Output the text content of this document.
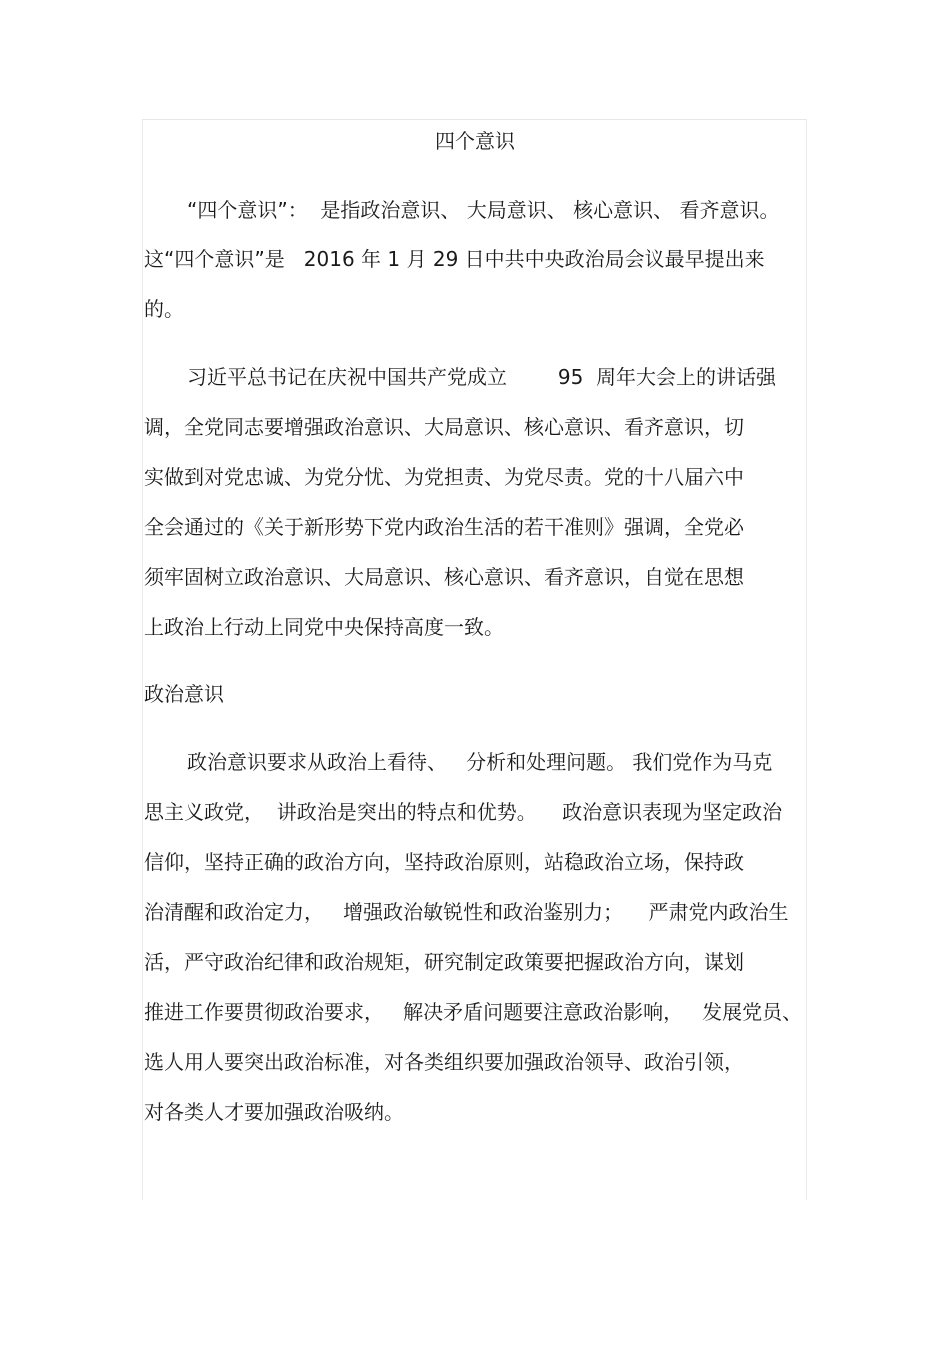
四个意识
“四个意识”：  是指政治意识、 大局意识、 核心意识、 看齐意识。
这“四个意识”是   2016 年 1 月 29 日中共中央政治局会议最早提出来
的。
习近平总书记在庆祝中国共产党成立        95  周年大会上的讲话强
调，全党同志要增强政治意识、大局意识、核心意识、看齐意识，切
实做到对党忠诚、为党分忧、为党担责、为党尽责。党的十八届六中
全会通过的《关于新形势下党内政治生活的若干准则》强调，全党必
须牢固树立政治意识、大局意识、核心意识、看齐意识，自觉在思想
上政治上行动上同党中央保持高度一致。
政治意识
政治意识要求从政治上看待、   分析和处理问题。 我们党作为马克
思主义政党，  讲政治是突出的特点和优势。    政治意识表现为坚定政治
信仰，坚持正确的政治方向，坚持政治原则，站稳政治立场，保持政
治清醒和政治定力，   增强政治敏锐性和政治鉴别力；    严肃党内政治生
活，严守政治纪律和政治规矩，研究制定政策要把握政治方向，谋划
推进工作要贯彻政治要求，   解决矛盾问题要注意政治影响，   发展党员、
选人用人要突出政治标准，对各类组织要加强政治领导、政治引领，
对各类人才要加强政治吸纳。
